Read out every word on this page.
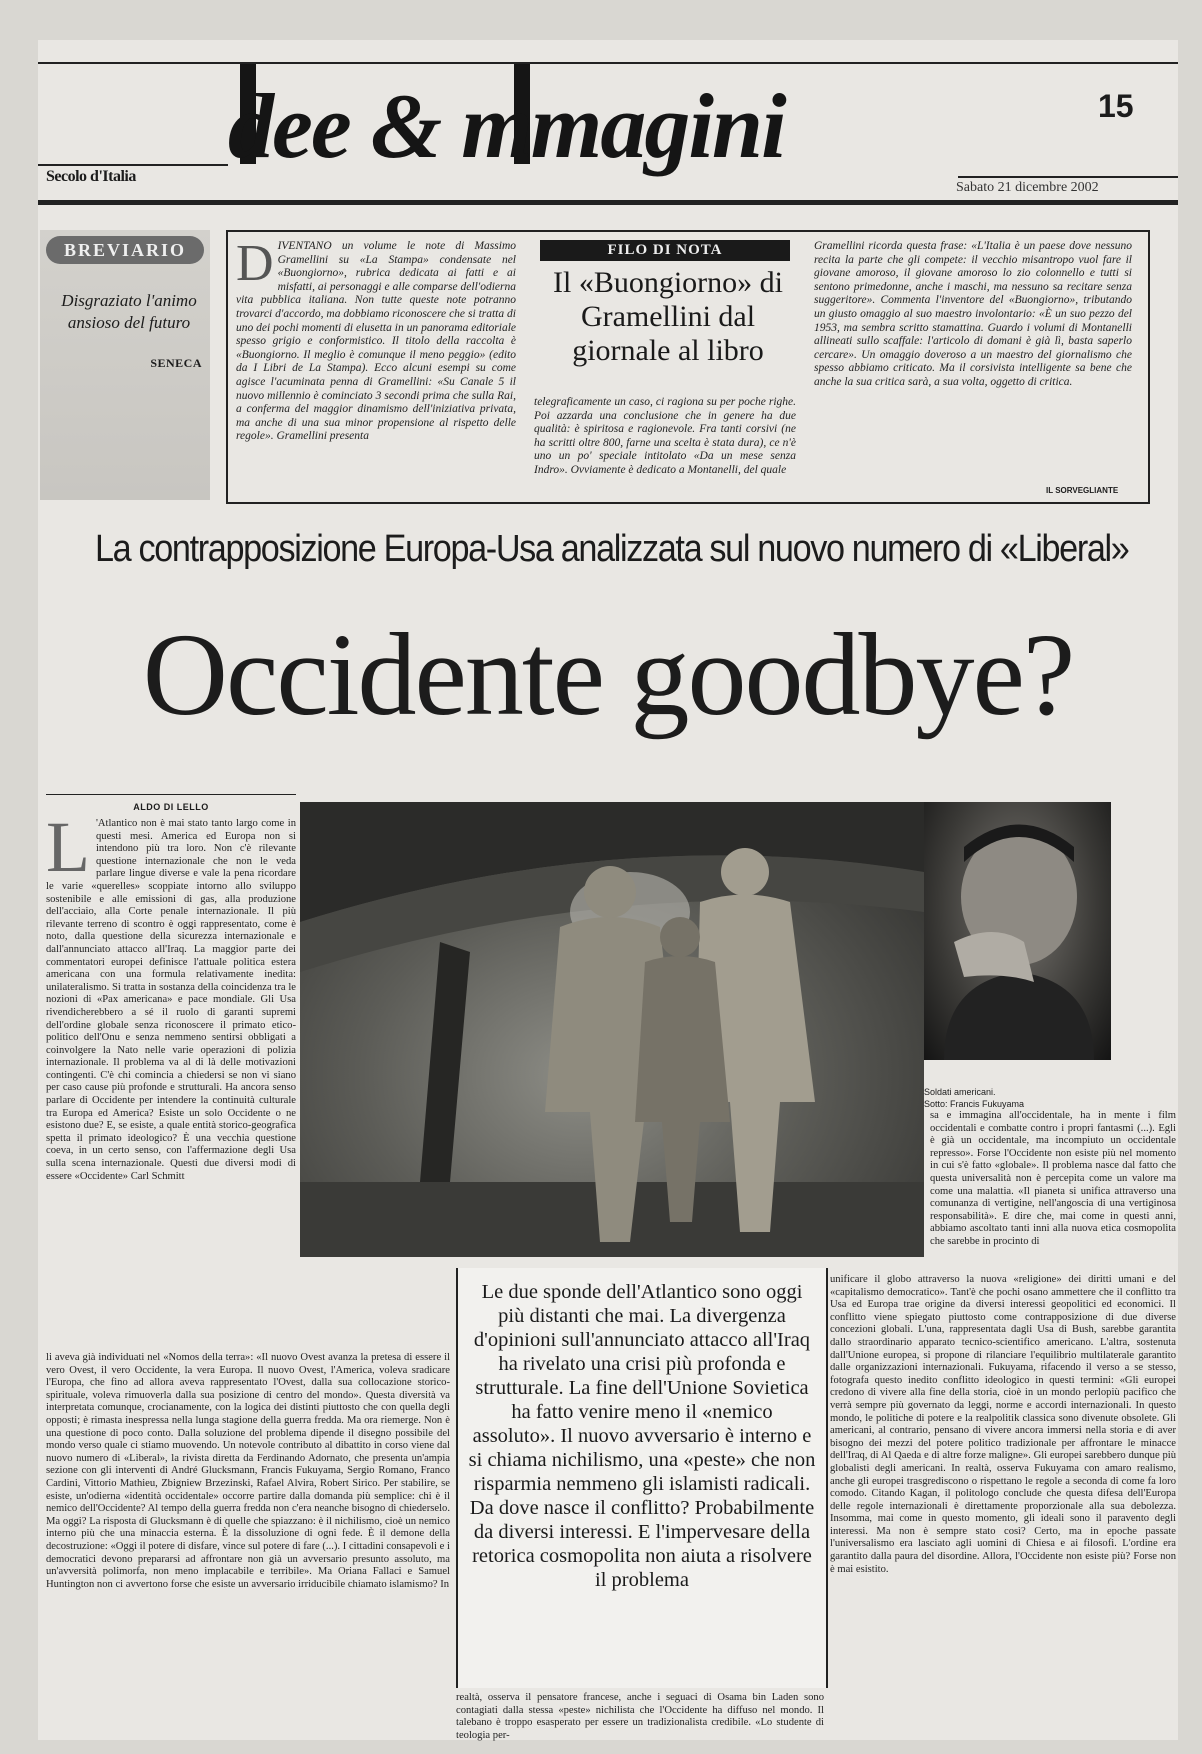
dee & mmagini
Secolo d'Italia
15
Sabato 21 dicembre 2002
BREVIARIO
Disgraziato l'animo ansioso del futuro
SENECA
DIVENTANO un volume le note di Massimo Gramellini su «La Stampa» condensate nel «Buongiorno», rubrica dedicata ai fatti e ai misfatti, ai personaggi e alle comparse dell'odierna vita pubblica italiana. Non tutte queste note potranno trovarci d'accordo, ma dobbiamo riconoscere che si tratta di uno dei pochi momenti di elusetta in un panorama editoriale spesso grigio e conformistico. Il titolo della raccolta è «Buongiorno. Il meglio è comunque il meno peggio» (edito da I Libri de La Stampa). Ecco alcuni esempi su come agisce l'acuminata penna di Gramellini: «Su Canale 5 il nuovo millennio è cominciato 3 secondi prima che sulla Rai, a conferma del maggior dinamismo dell'iniziativa privata, ma anche di una sua minor propensione al rispetto delle regole». Gramellini presenta
FILO DI NOTA
Il «Buongiorno» di Gramellini dal giornale al libro
telegraficamente un caso, ci ragiona su per poche righe. Poi azzarda una conclusione che in genere ha due qualità: è spiritosa e ragionevole. Fra tanti corsivi (ne ha scritti oltre 800, farne una scelta è stata dura), ce n'è uno un po' speciale intitolato «Da un mese senza Indro». Ovviamente è dedicato a Montanelli, del quale
Gramellini ricorda questa frase: «L'Italia è un paese dove nessuno recita la parte che gli compete: il vecchio misantropo vuol fare il giovane amoroso, il giovane amoroso lo zio colonnello e tutti si sentono primedonne, anche i maschi, ma nessuno sa recitare senza suggeritore». Commenta l'inventore del «Buongiorno», tributando un giusto omaggio al suo maestro involontario: «È un suo pezzo del 1953, ma sembra scritto stamattina. Guardo i volumi di Montanelli allineati sullo scaffale: l'articolo di domani è già lì, basta saperlo cercare». Un omaggio doveroso a un maestro del giornalismo che spesso abbiamo criticato. Ma il corsivista intelligente sa bene che anche la sua critica sarà, a sua volta, oggetto di critica.
IL SORVEGLIANTE
La contrapposizione Europa-Usa analizzata sul nuovo numero di «Liberal»
Occidente goodbye?
ALDO DI LELLO
L 'Atlantico non è mai stato tanto largo come in questi mesi. America ed Europa non si intendono più tra loro. Non c'è rilevante questione internazionale che non le veda parlare lingue diverse e vale la pena ricordare le varie «querelles» scoppiate intorno allo sviluppo sostenibile e alle emissioni di gas, alla produzione dell'acciaio, alla Corte penale internazionale. Il più rilevante terreno di scontro è oggi rappresentato, come è noto, dalla questione della sicurezza internazionale e dall'annunciato attacco all'Iraq. La maggior parte dei commentatori europei definisce l'attuale politica estera americana con una formula relativamente inedita: unilateralismo. Si tratta in sostanza della coincidenza tra le nozioni di «Pax americana» e pace mondiale. Gli Usa rivendicherebbero a sé il ruolo di garanti supremi dell'ordine globale senza riconoscere il primato etico-politico dell'Onu e senza nemmeno sentirsi obbligati a coinvolgere la Nato nelle varie operazioni di polizia internazionale. Il problema va al di là delle motivazioni contingenti. C'è chi comincia a chiedersi se non vi siano per caso cause più profonde e strutturali. Ha ancora senso parlare di Occidente per intendere la continuità culturale tra Europa ed America? Esiste un solo Occidente o ne esistono due? E, se esiste, a quale entità storico-geografica spetta il primato ideologico? È una vecchia questione coeva, in un certo senso, con l'affermazione degli Usa sulla scena internazionale. Questi due diversi modi di essere «Occidente» Carl Schmitt
li aveva già individuati nel «Nomos della terra»: «Il nuovo Ovest avanza la pretesa di essere il vero Ovest, il vero Occidente, la vera Europa. Il nuovo Ovest, l'America, voleva sradicare l'Europa, che fino ad allora aveva rappresentato l'Ovest, dalla sua collocazione storico-spirituale, voleva rimuoverla dalla sua posizione di centro del mondo». Questa diversità va interpretata comunque, crocianamente, con la logica dei distinti piuttosto che con quella degli opposti; è rimasta inespressa nella lunga stagione della guerra fredda. Ma ora riemerge. Non è una questione di poco conto. Dalla soluzione del problema dipende il disegno possibile del mondo verso quale ci stiamo muovendo. Un notevole contributo al dibattito in corso viene dal nuovo numero di «Liberal», la rivista diretta da Ferdinando Adornato, che presenta un'ampia sezione con gli interventi di André Glucksmann, Francis Fukuyama, Sergio Romano, Franco Cardini, Vittorio Mathieu, Zbigniew Brzezinski, Rafael Alvira, Robert Sirico. Per stabilire, se esiste, un'odierna «identità occidentale» occorre partire dalla domanda più semplice: chi è il nemico dell'Occidente? Al tempo della guerra fredda non c'era neanche bisogno di chiederselo. Ma oggi? La risposta di Glucksmann è di quelle che spiazzano: è il nichilismo, cioè un nemico interno più che una minaccia esterna. È la dissoluzione di ogni fede. È il demone della decostruzione: «Oggi il potere di disfare, vince sul potere di fare (...). I cittadini consapevoli e i democratici devono prepararsi ad affrontare non già un avversario presunto assoluto, ma un'avversità polimorfa, non meno implacabile e terribile». Ma Oriana Fallaci e Samuel Huntington non ci avvertono forse che esiste un avversario irriducibile chiamato islamismo? In
Soldati americani.
Sotto: Francis Fukuyama
sa e immagina all'occidentale, ha in mente i film occidentali e combatte contro i propri fantasmi (...). Egli è già un occidentale, ma incompiuto un occidentale represso». Forse l'Occidente non esiste più nel momento in cui s'è fatto «globale». Il problema nasce dal fatto che questa universalità non è percepita come un valore ma come una malattia. «Il pianeta si unifica attraverso una comunanza di vertigine, nell'angoscia di una vertiginosa responsabilità». E dire che, mai come in questi anni, abbiamo ascoltato tanti inni alla nuova etica cosmopolita che sarebbe in procinto di
unificare il globo attraverso la nuova «religione» dei diritti umani e del «capitalismo democratico». Tant'è che pochi osano ammettere che il conflitto tra Usa ed Europa trae origine da diversi interessi geopolitici ed economici. Il conflitto viene spiegato piuttosto come contrapposizione di due diverse concezioni globali. L'una, rappresentata dagli Usa di Bush, sarebbe garantita dallo straordinario apparato tecnico-scientifico americano. L'altra, sostenuta dall'Unione europea, si propone di rilanciare l'equilibrio multilaterale garantito dalle organizzazioni internazionali. Fukuyama, rifacendo il verso a se stesso, fotografa questo inedito conflitto ideologico in questi termini: «Gli europei credono di vivere alla fine della storia, cioè in un mondo perlopiù pacifico che verrà sempre più governato da leggi, norme e accordi internazionali. In questo mondo, le politiche di potere e la realpolitik classica sono divenute obsolete. Gli americani, al contrario, pensano di vivere ancora immersi nella storia e di aver bisogno dei mezzi del potere politico tradizionale per affrontare le minacce dell'Iraq, di Al Qaeda e di altre forze maligne». Gli europei sarebbero dunque più globalisti degli americani. In realtà, osserva Fukuyama con amaro realismo, anche gli europei trasgrediscono o rispettano le regole a seconda di come fa loro comodo. Citando Kagan, il politologo conclude che questa difesa dell'Europa delle regole internazionali è direttamente proporzionale alla sua debolezza. Insomma, mai come in questo momento, gli ideali sono il paravento degli interessi. Ma non è sempre stato così? Certo, ma in epoche passate l'universalismo era lasciato agli uomini di Chiesa e ai filosofi. L'ordine era garantito dalla paura del disordine. Allora, l'Occidente non esiste più? Forse non è mai esistito.
Le due sponde dell'Atlantico sono oggi più distanti che mai. La divergenza d'opinioni sull'annunciato attacco all'Iraq ha rivelato una crisi più profonda e strutturale. La fine dell'Unione Sovietica ha fatto venire meno il «nemico assoluto». Il nuovo avversario è interno e si chiama nichilismo, una «peste» che non risparmia nemmeno gli islamisti radicali. Da dove nasce il conflitto? Probabilmente da diversi interessi. E l'impervesare della retorica cosmopolita non aiuta a risolvere il problema
realtà, osserva il pensatore francese, anche i seguaci di Osama bin Laden sono contagiati dalla stessa «peste» nichilista che l'Occidente ha diffuso nel mondo. Il talebano è troppo esasperato per essere un tradizionalista credibile. «Lo studente di teologia per-
